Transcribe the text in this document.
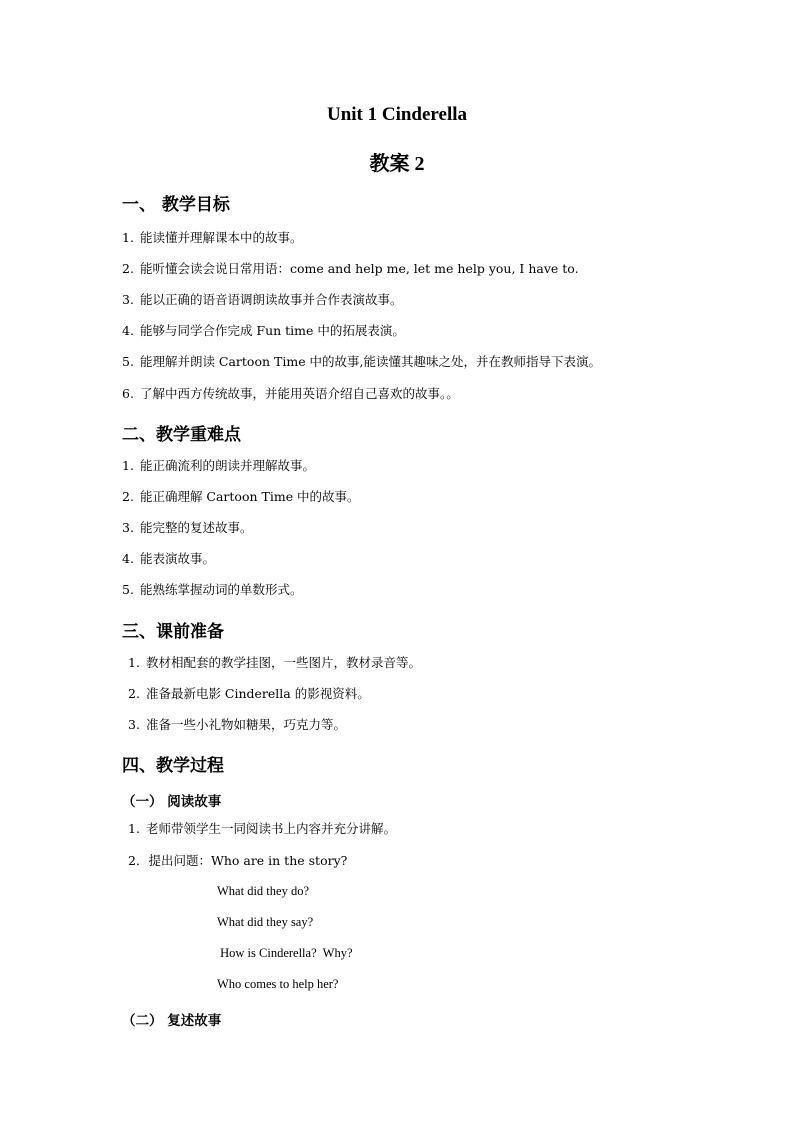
Unit 1 Cinderella
教案 2
一、 教学目标
1. 能读懂并理解课本中的故事。
2. 能听懂会读会说日常用语：come and help me, let me help you, I have to.
3. 能以正确的语音语调朗读故事并合作表演故事。
4. 能够与同学合作完成 Fun time 中的拓展表演。
5. 能理解并朗读 Cartoon Time 中的故事,能读懂其趣味之处，并在教师指导下表演。
6. 了解中西方传统故事，并能用英语介绍自己喜欢的故事。。
二、教学重难点
1. 能正确流利的朗读并理解故事。
2. 能正确理解 Cartoon Time 中的故事。
3. 能完整的复述故事。
4. 能表演故事。
5. 能熟练掌握动词的单数形式。
三、课前准备
1. 教材相配套的教学挂图，一些图片，教材录音等。
2. 准备最新电影 Cinderella 的影视资料。
3. 准备一些小礼物如糖果，巧克力等。
四、教学过程
（一） 阅读故事
1. 老师带领学生一同阅读书上内容并充分讲解。
2．提出问题：Who are in the story?
What did they do?
What did they say?
How is Cinderella?  Why?
Who comes to help her?
（二） 复述故事
